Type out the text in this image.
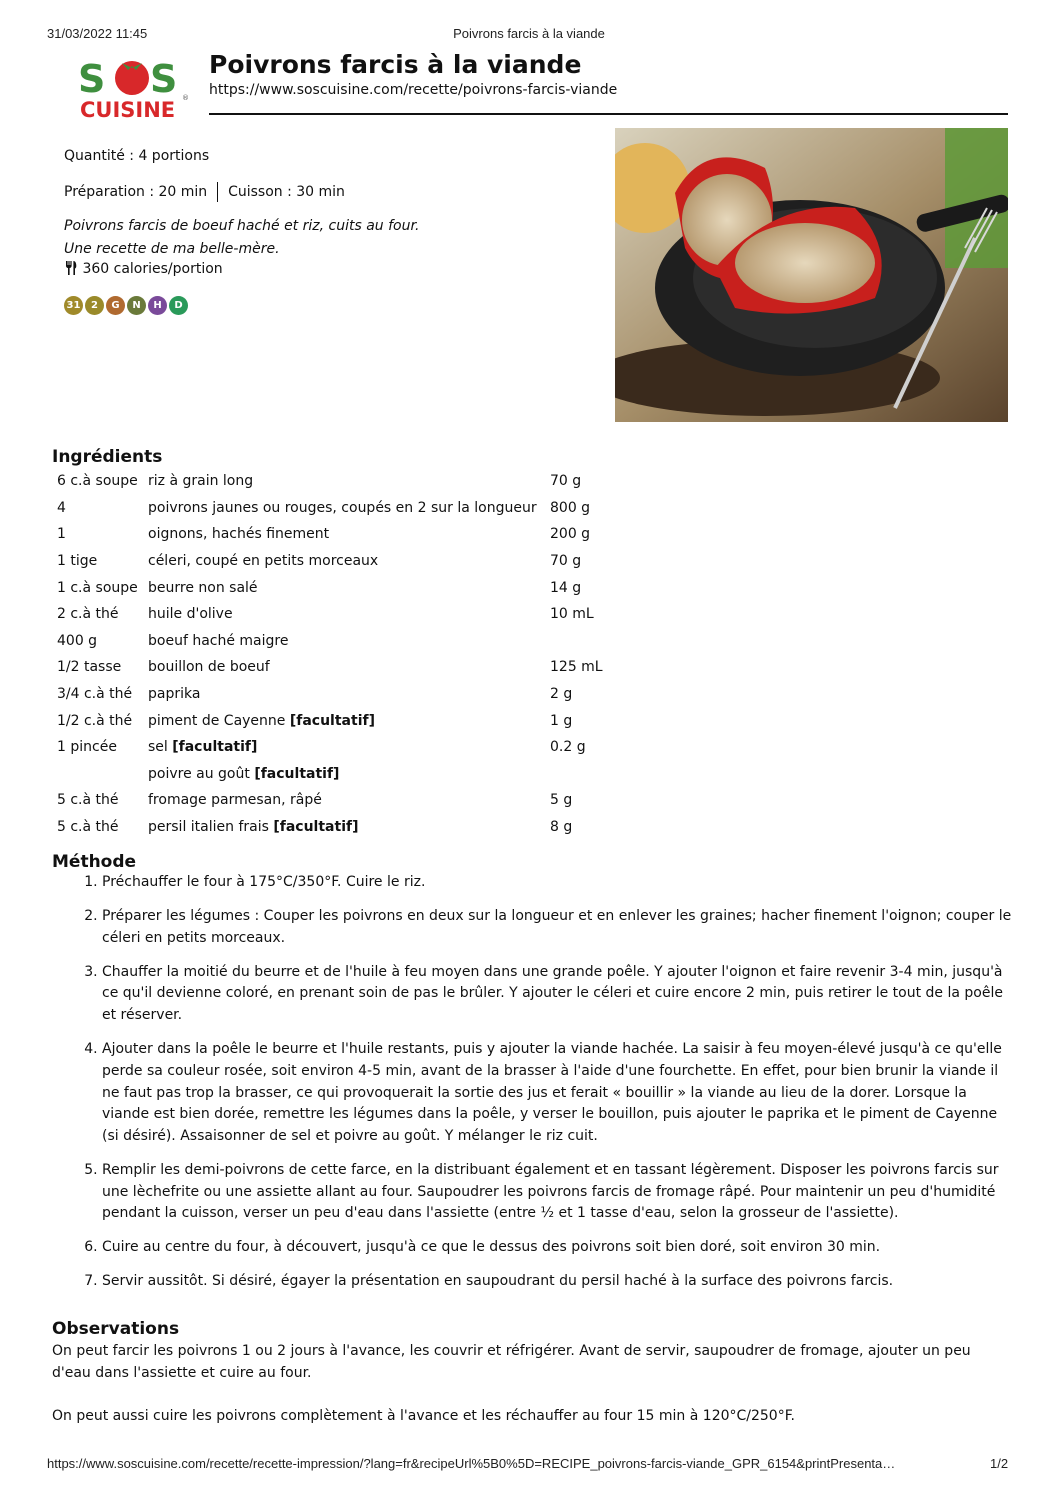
31/03/2022 11:45	Poivrons farcis à la viande
S S
CUISINE ®
Poivrons farcis à la viande
https://www.soscuisine.com/recette/poivrons-farcis-viande
Quantité : 4 portions
Préparation : 20 min Cuisson : 30 min
Poivrons farcis de boeuf haché et riz, cuits au four.
Une recette de ma belle-mère.
360 calories/portion
31	2	G	N	H	D
Ingrédients
6 c.à soupe	riz à grain long	70 g
4	poivrons jaunes ou rouges, coupés en 2 sur la longueur	800 g
1	oignons, hachés finement	200 g
1 tige	céleri, coupé en petits morceaux	70 g
1 c.à soupe	beurre non salé	14 g
2 c.à thé	huile d'olive	10 mL
400 g	boeuf haché maigre	
1/2 tasse	bouillon de boeuf	125 mL
3/4 c.à thé	paprika	2 g
1/2 c.à thé	piment de Cayenne [facultatif]	1 g
1 pincée	sel [facultatif]	0.2 g
	poivre au goût [facultatif]	
5 c.à thé	fromage parmesan, râpé	5 g
5 c.à thé	persil italien frais [facultatif]	8 g
Méthode
1. Préchauffer le four à 175°C/350°F. Cuire le riz.
2. Préparer les légumes : Couper les poivrons en deux sur la longueur et en enlever les graines; hacher finement l'oignon; couper le céleri en petits morceaux.
3. Chauffer la moitié du beurre et de l'huile à feu moyen dans une grande poêle. Y ajouter l'oignon et faire revenir 3-4 min, jusqu'à ce qu'il devienne coloré, en prenant soin de pas le brûler. Y ajouter le céleri et cuire encore 2 min, puis retirer le tout de la poêle et réserver.
4. Ajouter dans la poêle le beurre et l'huile restants, puis y ajouter la viande hachée. La saisir à feu moyen-élevé jusqu'à ce qu'elle perde sa couleur rosée, soit environ 4-5 min, avant de la brasser à l'aide d'une fourchette. En effet, pour bien brunir la viande il ne faut pas trop la brasser, ce qui provoquerait la sortie des jus et ferait « bouillir » la viande au lieu de la dorer. Lorsque la viande est bien dorée, remettre les légumes dans la poêle, y verser le bouillon, puis ajouter le paprika et le piment de Cayenne (si désiré). Assaisonner de sel et poivre au goût. Y mélanger le riz cuit.
5. Remplir les demi-poivrons de cette farce, en la distribuant également et en tassant légèrement. Disposer les poivrons farcis sur une lèchefrite ou une assiette allant au four. Saupoudrer les poivrons farcis de fromage râpé. Pour maintenir un peu d'humidité pendant la cuisson, verser un peu d'eau dans l'assiette (entre ½ et 1 tasse d'eau, selon la grosseur de l'assiette).
6. Cuire au centre du four, à découvert, jusqu'à ce que le dessus des poivrons soit bien doré, soit environ 30 min.
7. Servir aussitôt. Si désiré, égayer la présentation en saupoudrant du persil haché à la surface des poivrons farcis.
Observations

On peut farcir les poivrons 1 ou 2 jours à l'avance, les couvrir et réfrigérer. Avant de servir, saupoudrer de fromage, ajouter un peu d'eau dans l'assiette et cuire au four.

On peut aussi cuire les poivrons complètement à l'avance et les réchauffer au four 15 min à 120°C/250°F.

https://www.soscuisine.com/recette/recette-impression/?lang=fr&recipeUrl%5B0%5D=RECIPE_poivrons-farcis-viande_GPR_6154&printPresenta…	1/2
